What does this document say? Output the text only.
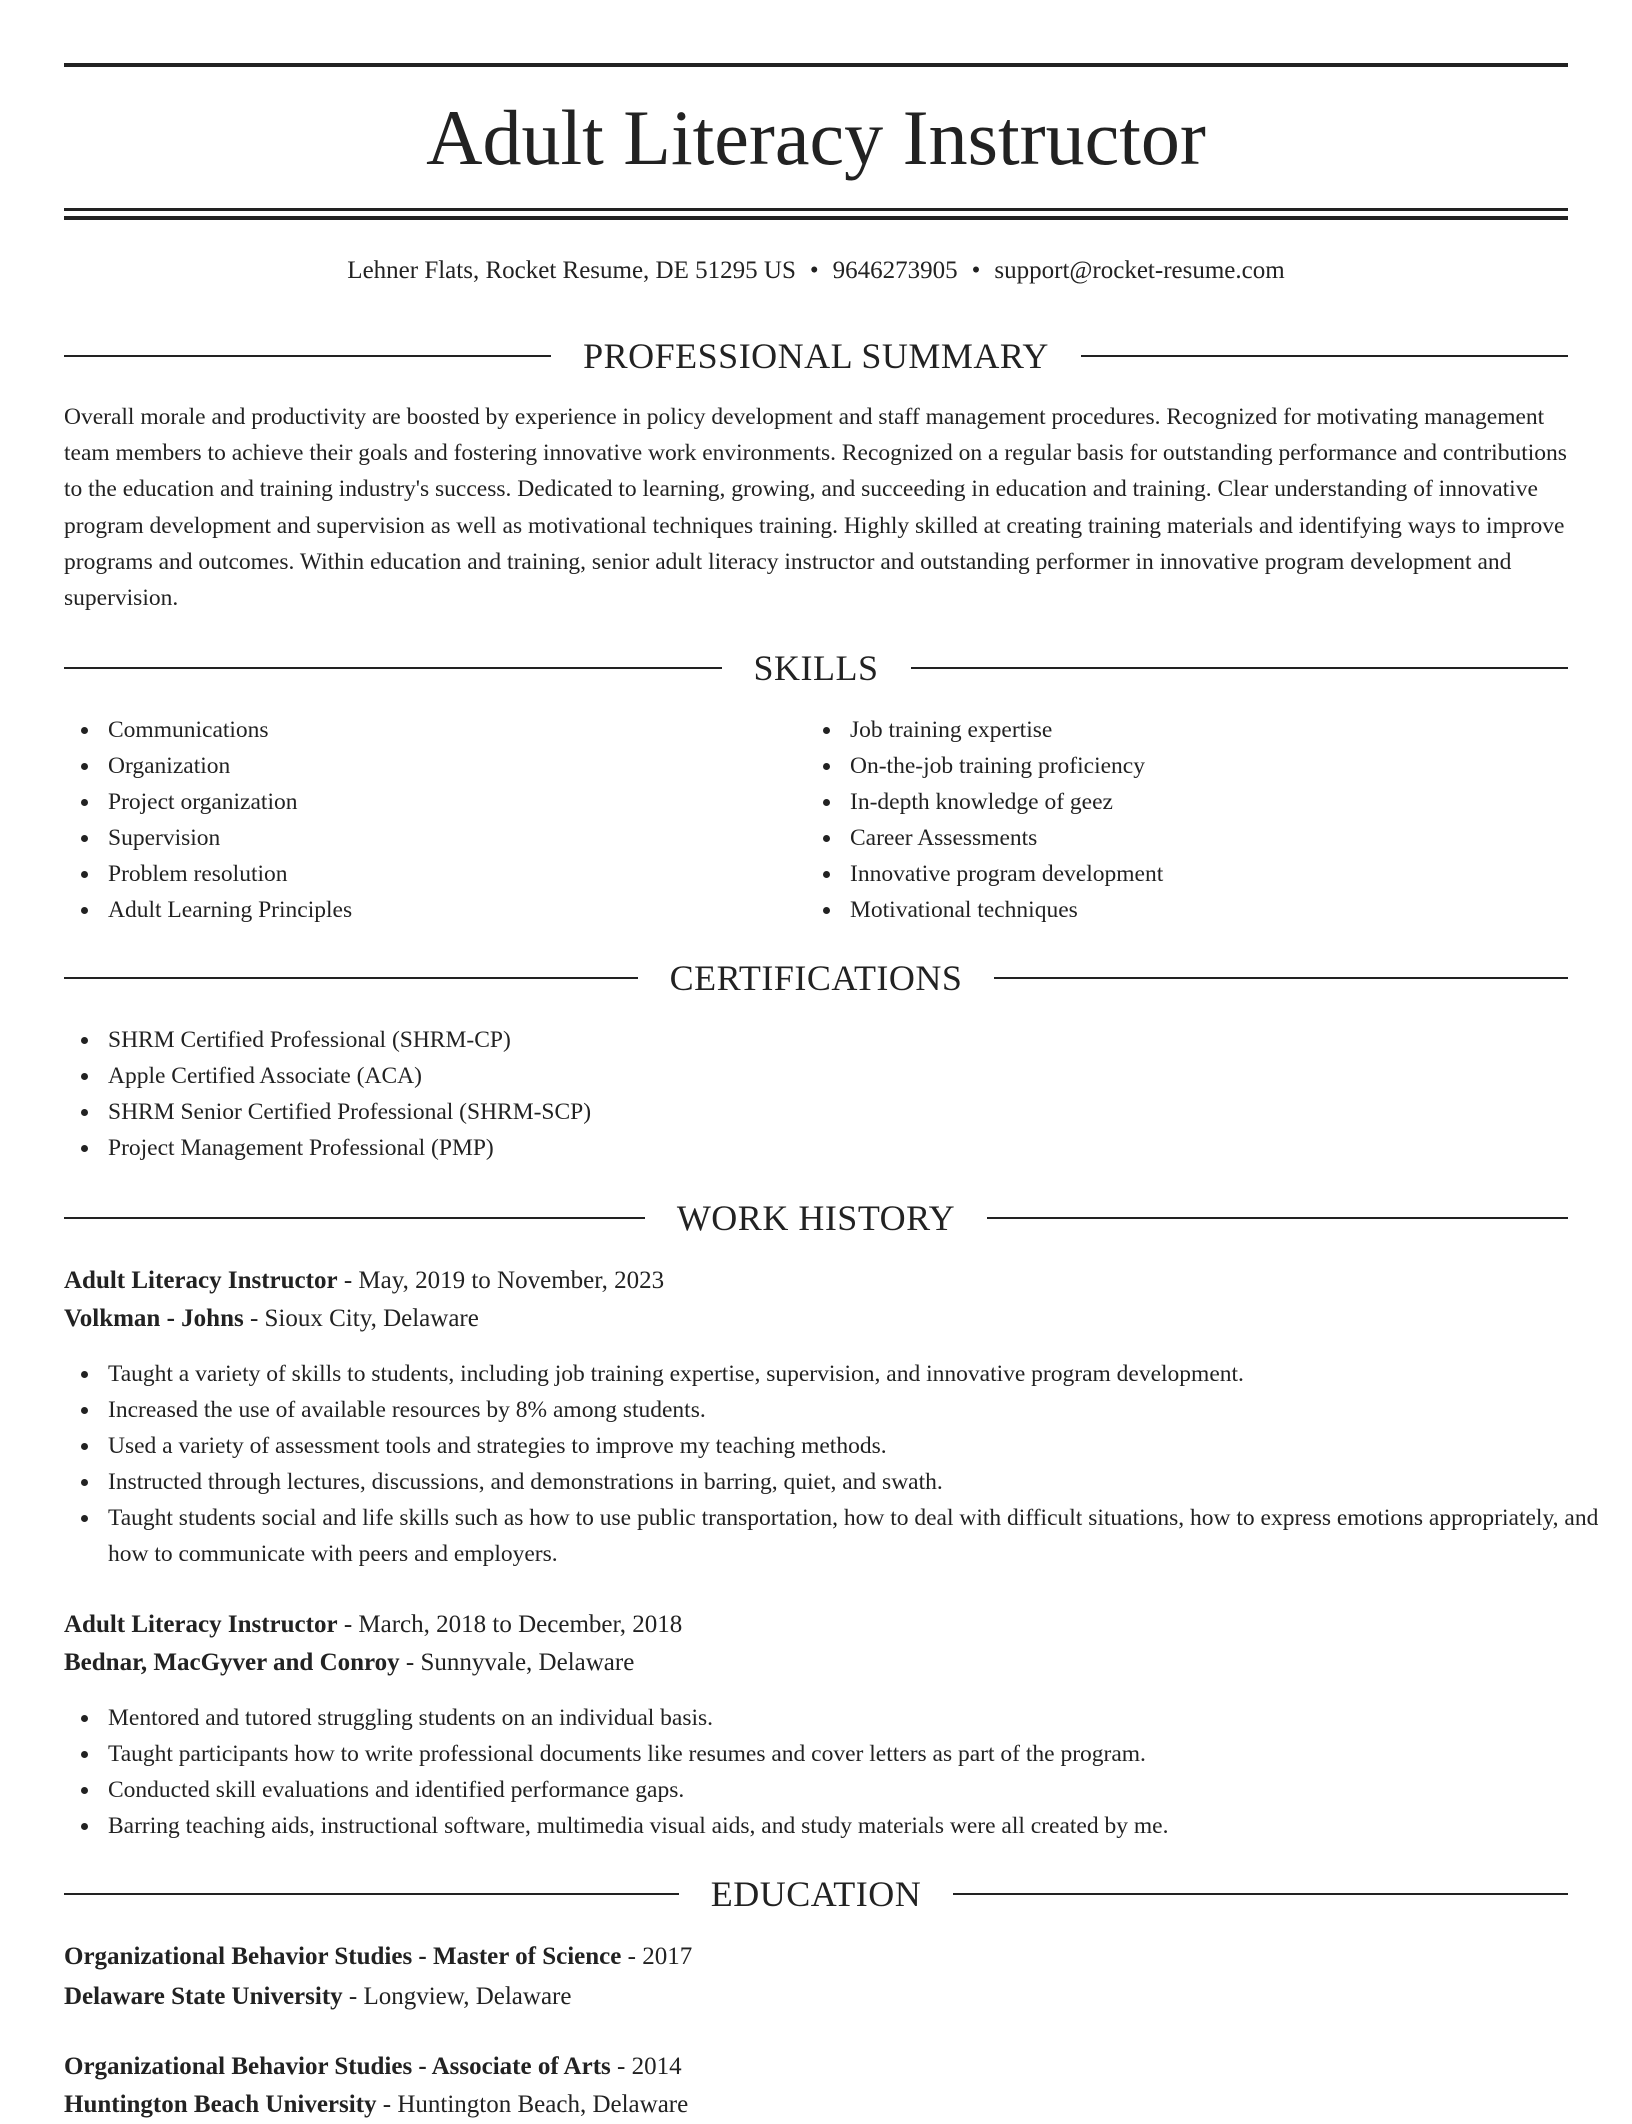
Adult Literacy Instructor
Lehner Flats, Rocket Resume, DE 51295 US • 9646273905 • support@rocket-resume.com
PROFESSIONAL SUMMARY

Overall morale and productivity are boosted by experience in policy development and staff management procedures. Recognized for motivating management team members to achieve their goals and fostering innovative work environments. Recognized on a regular basis for outstanding performance and contributions to the education and training industry's success. Dedicated to learning, growing, and succeeding in education and training. Clear understanding of innovative program development and supervision as well as motivational techniques training. Highly skilled at creating training materials and identifying ways to improve programs and outcomes. Within education and training, senior adult literacy instructor and outstanding performer in innovative program development and supervision.

SKILLS
Communications
Organization
Project organization
Supervision
Problem resolution
Adult Learning Principles
Job training expertise
On-the-job training proficiency
In-depth knowledge of geez
Career Assessments
Innovative program development
Motivational techniques
CERTIFICATIONS
SHRM Certified Professional (SHRM-CP)
Apple Certified Associate (ACA)
SHRM Senior Certified Professional (SHRM-SCP)
Project Management Professional (PMP)
WORK HISTORY
Adult Literacy Instructor - May, 2019 to November, 2023
Volkman - Johns - Sioux City, Delaware
Taught a variety of skills to students, including job training expertise, supervision, and innovative program development.
Increased the use of available resources by 8% among students.
Used a variety of assessment tools and strategies to improve my teaching methods.
Instructed through lectures, discussions, and demonstrations in barring, quiet, and swath.
Taught students social and life skills such as how to use public transportation, how to deal with difficult situations, how to express emotions appropriately, and how to communicate with peers and employers.
Adult Literacy Instructor - March, 2018 to December, 2018
Bednar, MacGyver and Conroy - Sunnyvale, Delaware
Mentored and tutored struggling students on an individual basis.
Taught participants how to write professional documents like resumes and cover letters as part of the program.
Conducted skill evaluations and identified performance gaps.
Barring teaching aids, instructional software, multimedia visual aids, and study materials were all created by me.
EDUCATION
Organizational Behavior Studies - Master of Science - 2017
Delaware State University - Longview, Delaware
Organizational Behavior Studies - Associate of Arts - 2014
Huntington Beach University - Huntington Beach, Delaware
